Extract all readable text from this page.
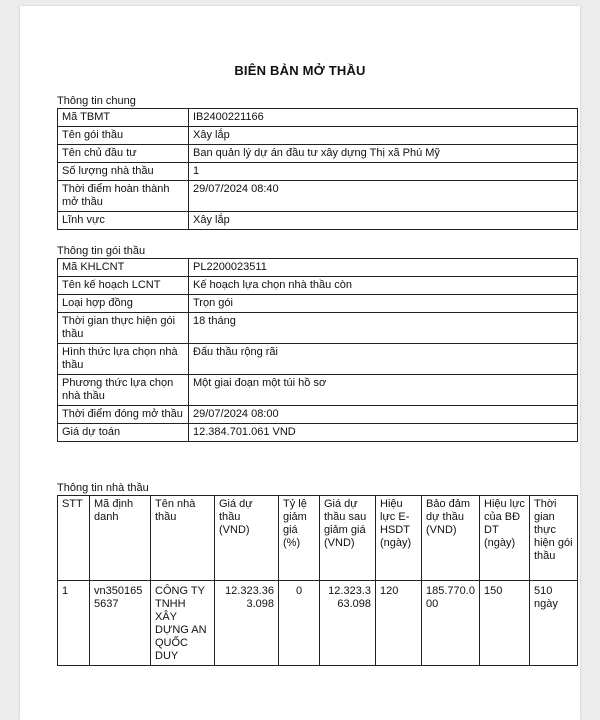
BIÊN BẢN MỞ THẦU
Thông tin chung
Mã TBMT	IB2400221166
Tên gói thầu	Xây lắp
Tên chủ đầu tư	Ban quản lý dự án đầu tư xây dựng Thị xã Phú Mỹ
Số lượng nhà thầu	1
Thời điểm hoàn thành mở thầu	29/07/2024 08:40
Lĩnh vực	Xây lắp
Thông tin gói thầu
Mã KHLCNT	PL2200023511
Tên kế hoạch LCNT	Kế hoạch lựa chọn nhà thầu còn
Loại hợp đồng	Trọn gói
Thời gian thực hiện gói thầu	18 tháng
Hình thức lựa chọn nhà thầu	Đấu thầu rộng rãi
Phương thức lựa chọn nhà thầu	Một giai đoạn một túi hồ sơ
Thời điểm đóng mở thầu	29/07/2024 08:00
Giá dự toán	12.384.701.061 VND
Thông tin nhà thầu
STT	Mã định danh	Tên nhà thầu	Giá dự thầu (VND)	Tỷ lệ giảm giá (%)	Giá dự thầu sau giảm giá (VND)	Hiệu lực E-HSDT (ngày)	Bảo đảm dự thầu (VND)	Hiệu lực của BĐ DT (ngày)	Thời gian thực hiện gói thầu
1	vn3501655637	CÔNG TY TNHH XÂY DỰNG AN QUỐC DUY	12.323.363.098	0	12.323.363.098	120	185.770.000	150	510 ngày
